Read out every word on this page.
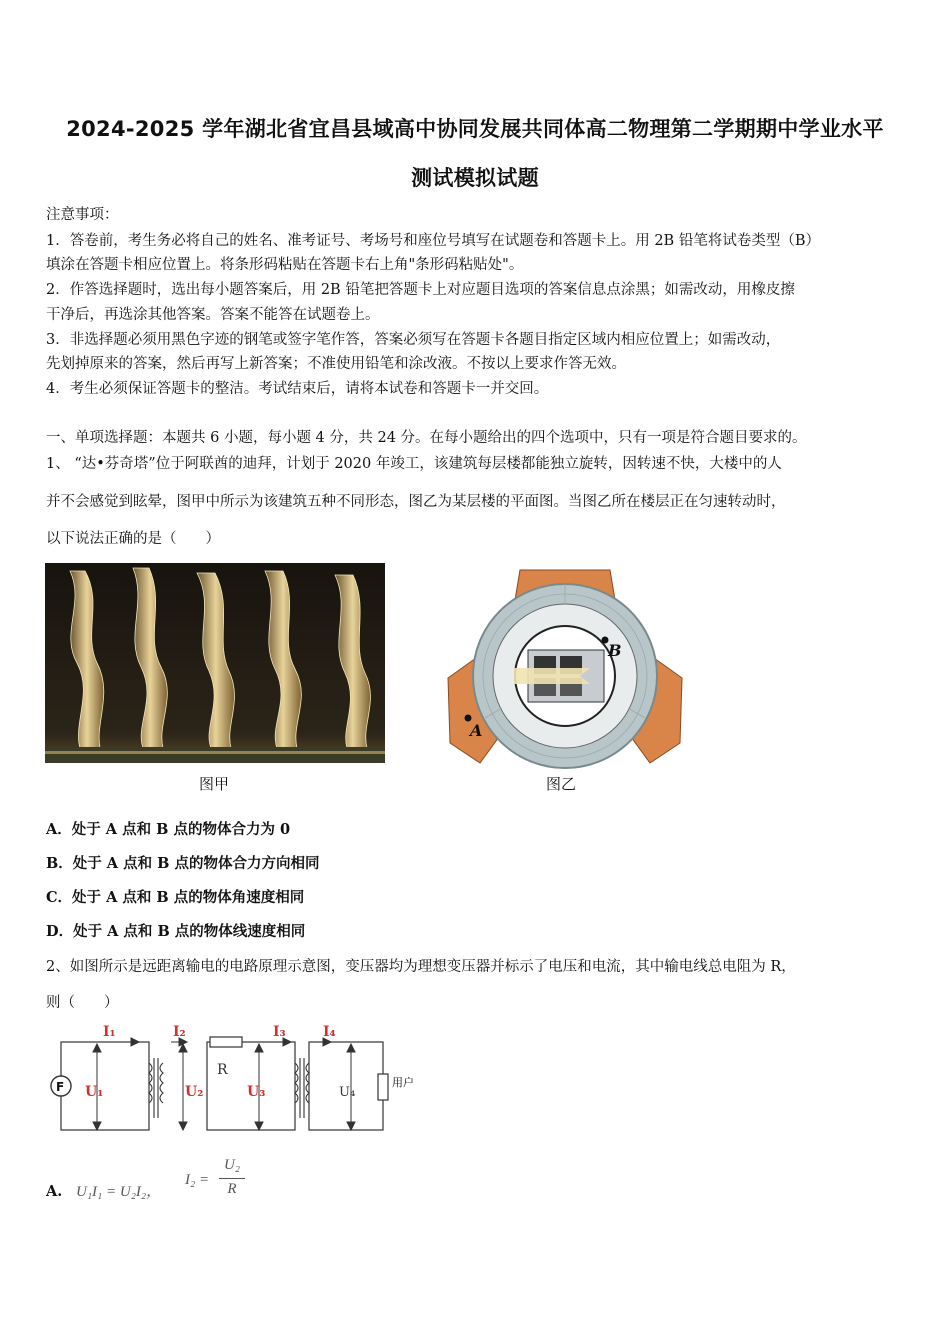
2024-2025 学年湖北省宜昌县域高中协同发展共同体高二物理第二学期期中学业水平
测试模拟试题
注意事项：
1．答卷前，考生务必将自己的姓名、准考证号、考场号和座位号填写在试题卷和答题卡上。用 2B 铅笔将试卷类型（B）
填涂在答题卡相应位置上。将条形码粘贴在答题卡右上角"条形码粘贴处"。
2．作答选择题时，选出每小题答案后，用 2B 铅笔把答题卡上对应题目选项的答案信息点涂黑；如需改动，用橡皮擦
干净后，再选涂其他答案。答案不能答在试题卷上。
3．非选择题必须用黑色字迹的钢笔或签字笔作答，答案必须写在答题卡各题目指定区域内相应位置上；如需改动，
先划掉原来的答案，然后再写上新答案；不准使用铅笔和涂改液。不按以上要求作答无效。
4．考生必须保证答题卡的整洁。考试结束后，请将本试卷和答题卡一并交回。
一、单项选择题：本题共 6 小题，每小题 4 分，共 24 分。在每小题给出的四个选项中，只有一项是符合题目要求的。
1、 “达•芬奇塔”位于阿联酋的迪拜，计划于 2020 年竣工，该建筑每层楼都能独立旋转，因转速不快，大楼中的人
并不会感觉到眩晕，图甲中所示为该建筑五种不同形态，图乙为某层楼的平面图。当图乙所在楼层正在匀速转动时，
以下说法正确的是（　　）
图甲
B
A
图乙
A．处于 A 点和 B 点的物体合力为 0
B．处于 A 点和 B 点的物体合力方向相同
C．处于 A 点和 B 点的物体角速度相同
D．处于 A 点和 B 点的物体线速度相同
2、如图所示是远距离输电的电路原理示意图，变压器均为理想变压器并标示了电压和电流，其中输电线总电阻为 R，
则（　　）
F	用户
I₁	I₂	I₃	I₄
U₁	U₂	U₃	U₄
R
A. U₁I₁ = U₂I₂，
I₂ =
U₂
R
